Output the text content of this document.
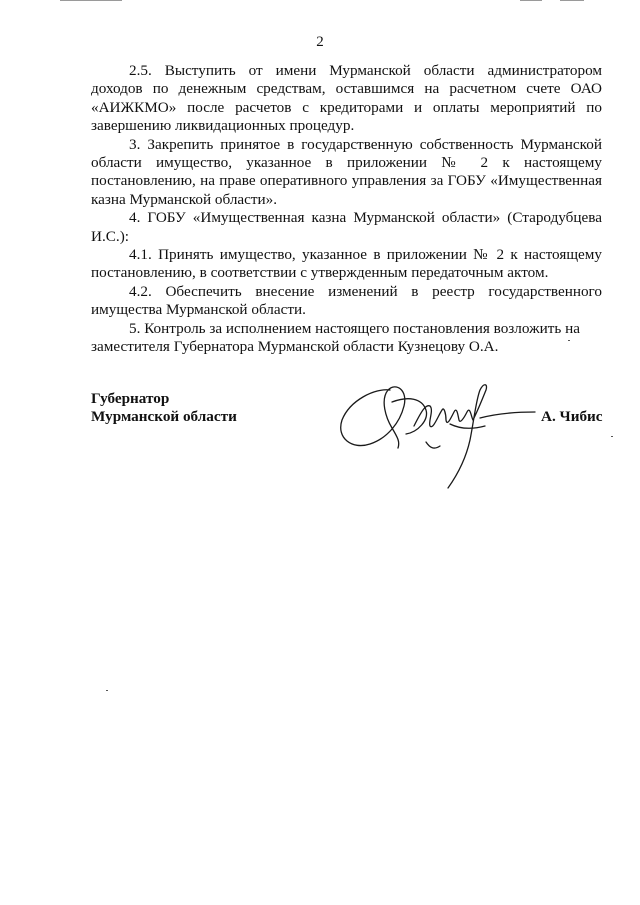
2

2.5. Выступить от имени Мурманской области администратором доходов по денежным средствам, оставшимся на расчетном счете ОАО «АИЖКМО» после расчетов с кредиторами и оплаты мероприятий по завершению ликвидационных процедур.

3. Закрепить принятое в государственную собственность Мурманской области имущество, указанное в приложении № 2 к настоящему постановлению, на праве оперативного управления за ГОБУ «Имущественная казна Мурманской области».

4. ГОБУ «Имущественная казна Мурманской области» (Стародубцева И.С.):

4.1. Принять имущество, указанное в приложении № 2 к настоящему постановлению, в соответствии с утвержденным передаточным актом.

4.2. Обеспечить внесение изменений в реестр государственного имущества Мурманской области.

5. Контроль за исполнением настоящего постановления возложить на заместителя Губернатора Мурманской области Кузнецову О.А.

Губернатор
Мурманской области	А. Чибис
